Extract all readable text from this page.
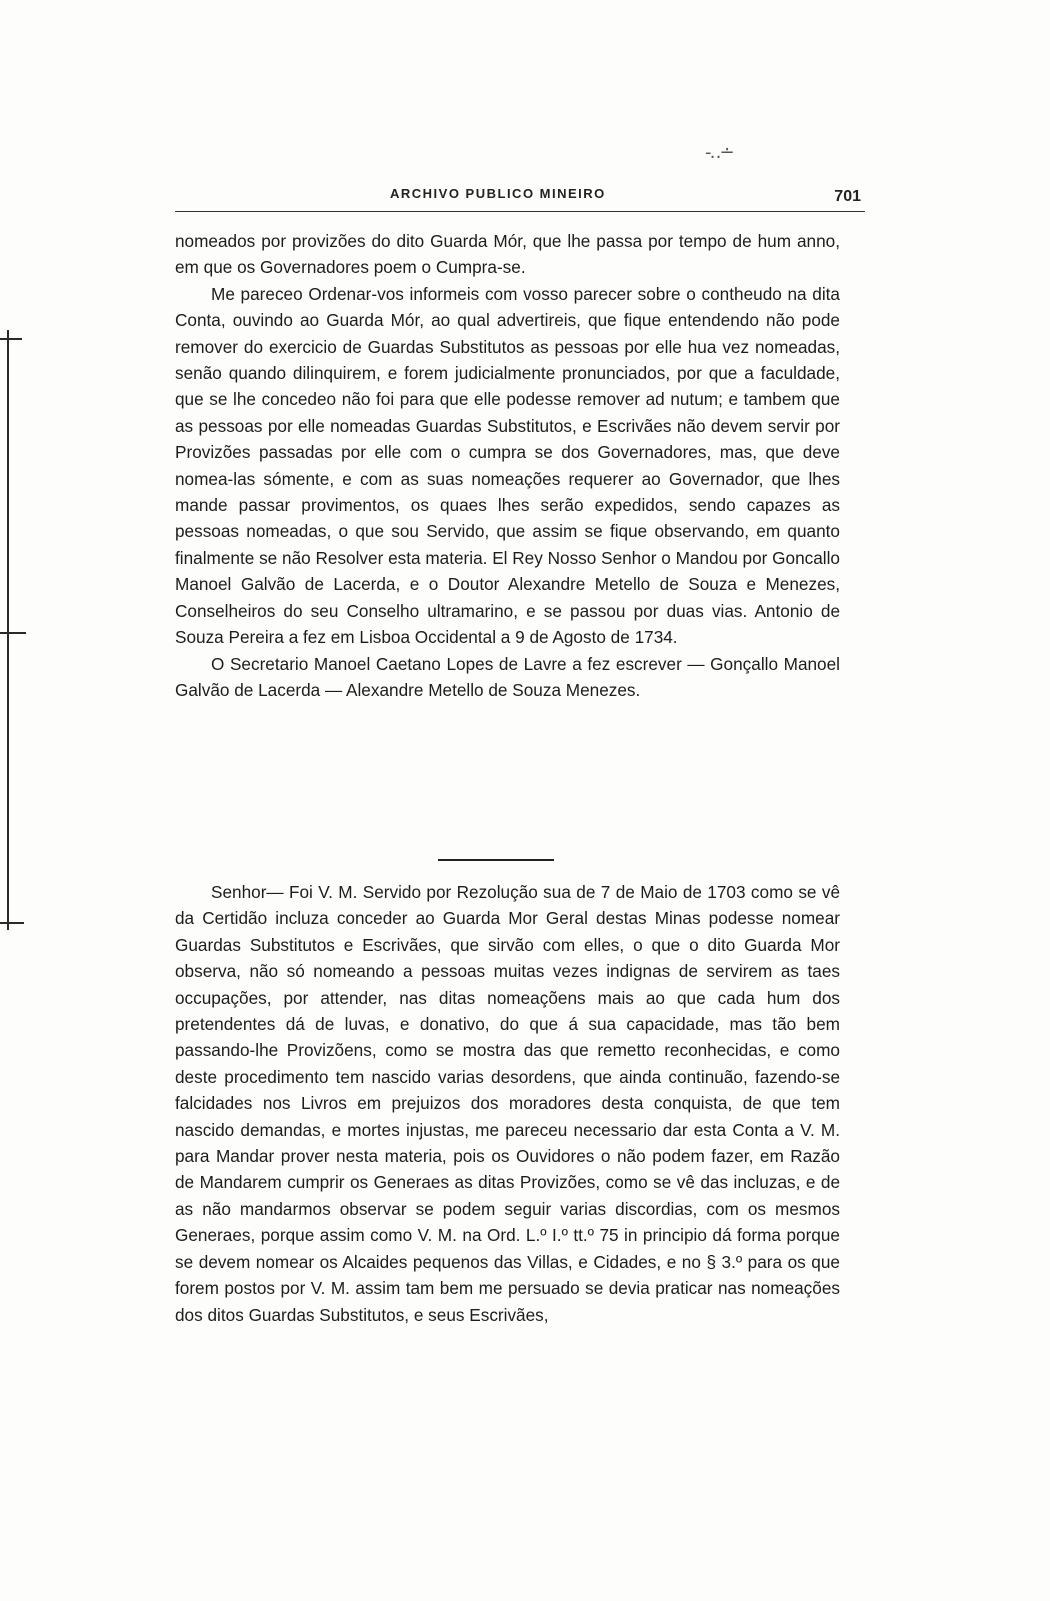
-‥∸
ARCHIVO PUBLICO MINEIRO	701

nomeados por provizões do dito Guarda Mór, que lhe passa por tempo de hum anno, em que os Governadores poem o Cumpra-se.

Me pareceo Ordenar-vos informeis com vosso parecer sobre o contheudo na dita Conta, ouvindo ao Guarda Mór, ao qual advertireis, que fique entendendo não pode remover do exercicio de Guardas Substitutos as pessoas por elle hua vez nomeadas, senão quando dilinquirem, e forem judicialmente pronunciados, por que a faculdade, que se lhe concedeo não foi para que elle podesse remover ad nutum; e tambem que as pessoas por elle nomeadas Guardas Substitutos, e Escrivães não devem servir por Provizões passadas por elle com o cumpra se dos Governadores, mas, que deve nomea-las sómente, e com as suas nomeações requerer ao Governador, que lhes mande passar provimentos, os quaes lhes serão expedidos, sendo capazes as pessoas nomeadas, o que sou Servido, que assim se fique observando, em quanto finalmente se não Resolver esta materia. El Rey Nosso Senhor o Mandou por Goncallo Manoel Galvão de Lacerda, e o Doutor Alexandre Metello de Souza e Menezes, Conselheiros do seu Conselho ultramarino, e se passou por duas vias. Antonio de Souza Pereira a fez em Lisboa Occidental a 9 de Agosto de 1734.

O Secretario Manoel Caetano Lopes de Lavre a fez escrever — Gonçallo Manoel Galvão de Lacerda — Alexandre Metello de Souza Menezes.

Senhor— Foi V. M. Servido por Rezolução sua de 7 de Maio de 1703 como se vê da Certidão incluza conceder ao Guarda Mor Geral destas Minas podesse nomear Guardas Substitutos e Escrivães, que sirvão com elles, o que o dito Guarda Mor observa, não só nomeando a pessoas muitas vezes indignas de servirem as taes occupações, por attender, nas ditas nomeaçõens mais ao que cada hum dos pretendentes dá de luvas, e donativo, do que á sua capacidade, mas tão bem passando-lhe Provizõens, como se mostra das que remetto reconhecidas, e como deste procedimento tem nascido varias desordens, que ainda continuão, fazendo-se falcidades nos Livros em prejuizos dos moradores desta conquista, de que tem nascido demandas, e mortes injustas, me pareceu necessario dar esta Conta a V. M. para Mandar prover nesta materia, pois os Ouvidores o não podem fazer, em Razão de Mandarem cumprir os Generaes as ditas Provizões, como se vê das incluzas, e de as não mandarmos observar se podem seguir varias discordias, com os mesmos Generaes, porque assim como V. M. na Ord. L.º I.º tt.º 75 in principio dá forma porque se devem nomear os Alcaides pequenos das Villas, e Cidades, e no § 3.º para os que forem postos por V. M. assim tam bem me persuado se devia praticar nas nomeações dos ditos Guardas Substitutos, e seus Escrivães,
